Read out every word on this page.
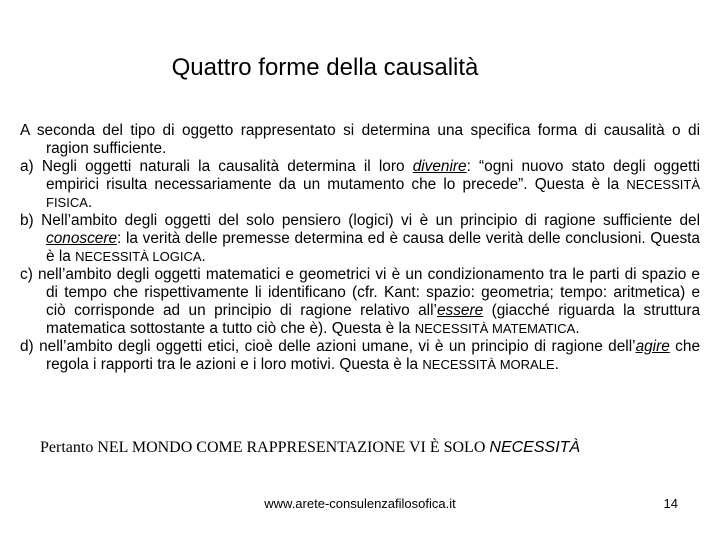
Quattro forme della causalità

A seconda del tipo di oggetto rappresentato si determina una specifica forma di causalità o di ragion sufficiente.

a) Negli oggetti naturali la causalità determina il loro divenire: “ogni nuovo stato degli oggetti empirici risulta necessariamente da un mutamento che lo precede”. Questa è la NECESSITÀ FISICA.

b) Nell’ambito degli oggetti del solo pensiero (logici) vi è un principio di ragione sufficiente del conoscere: la verità delle premesse determina ed è causa delle verità delle conclusioni. Questa è la NECESSITÀ LOGICA.

c) nell’ambito degli oggetti matematici e geometrici vi è un condizionamento tra le parti di spazio e di tempo che rispettivamente li identificano (cfr. Kant: spazio: geometria; tempo: aritmetica) e ciò corrisponde ad un principio di ragione relativo all’essere (giacché riguarda la struttura matematica sottostante a tutto ciò che è). Questa è la NECESSITÀ MATEMATICA.

d) nell’ambito degli oggetti etici, cioè delle azioni umane, vi è un principio di ragione dell’agire che regola i rapporti tra le azioni e i loro motivi. Questa è la NECESSITÀ MORALE.

Pertanto NEL MONDO COME RAPPRESENTAZIONE VI È SOLO NECESSITÀ
www.arete-consulenzafilosofica.it	14
